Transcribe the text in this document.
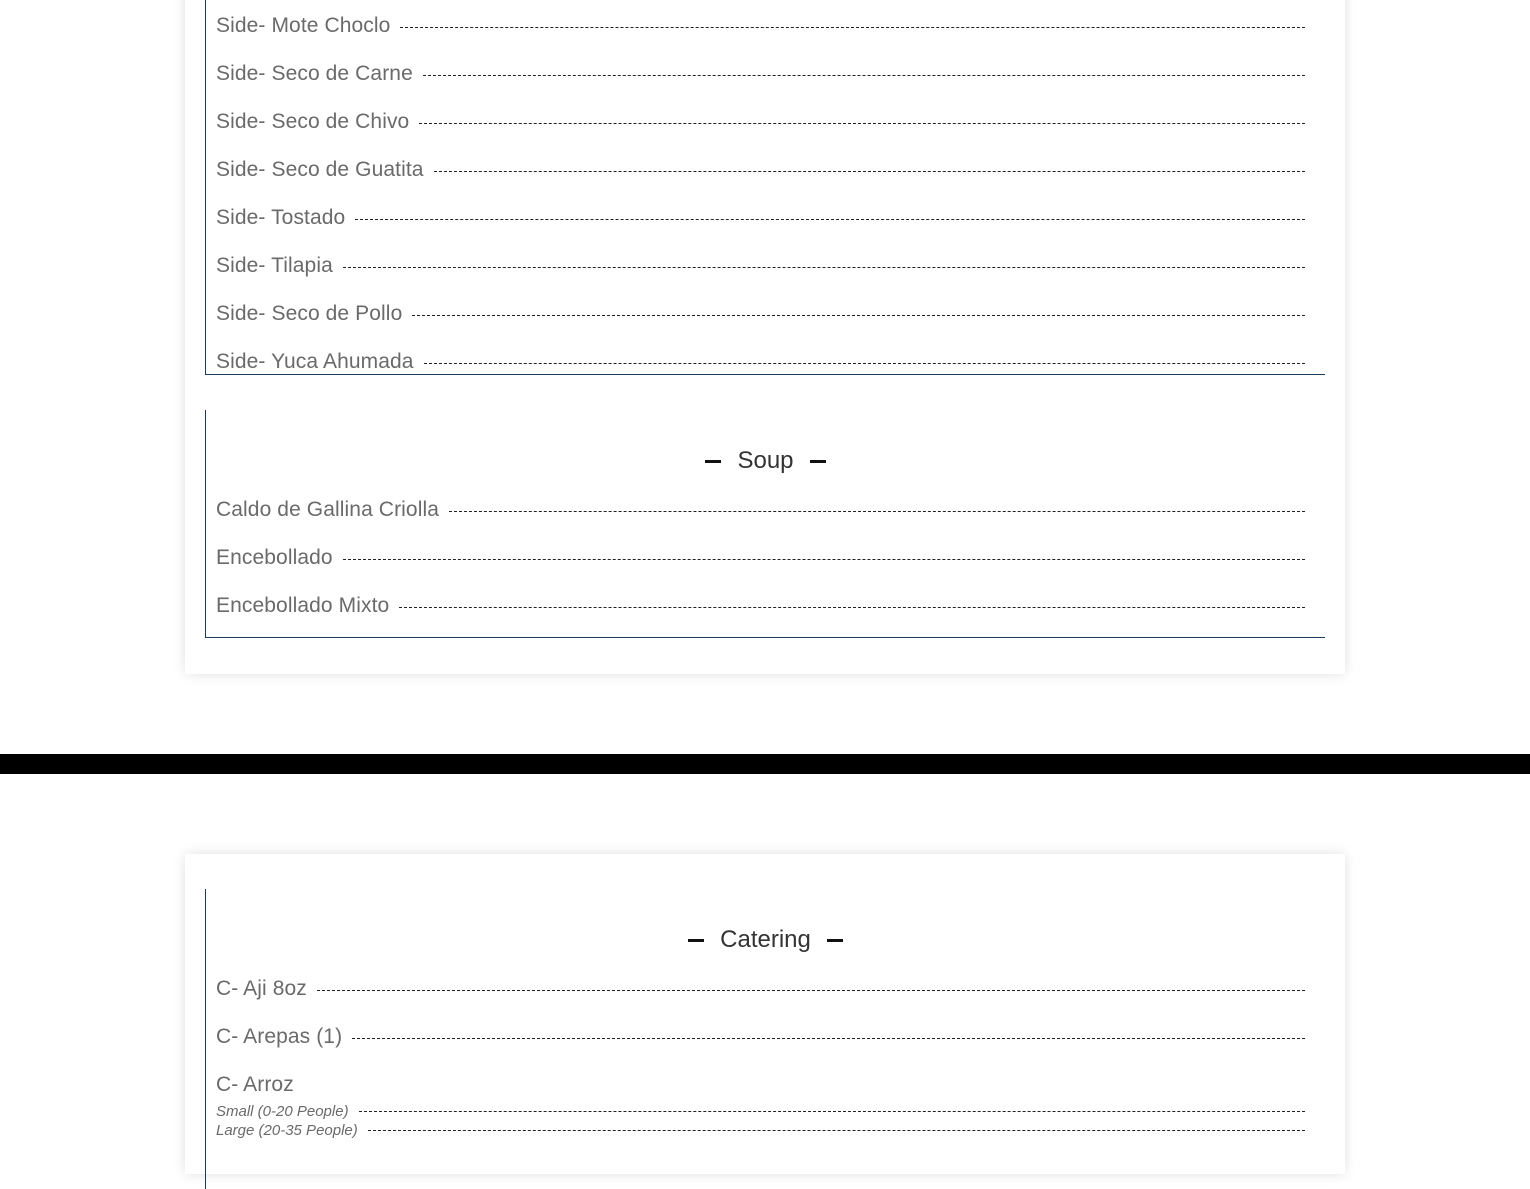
Side- Mote Choclo
Side- Seco de Carne
Side- Seco de Chivo
Side- Seco de Guatita
Side- Tostado
Side- Tilapia
Side- Seco de Pollo
Side- Yuca Ahumada
Soup
Caldo de Gallina Criolla
Encebollado
Encebollado Mixto
Catering
C- Aji 8oz
C- Arepas (1)
C- Arroz
Small (0-20 People)
Large (20-35 People)
